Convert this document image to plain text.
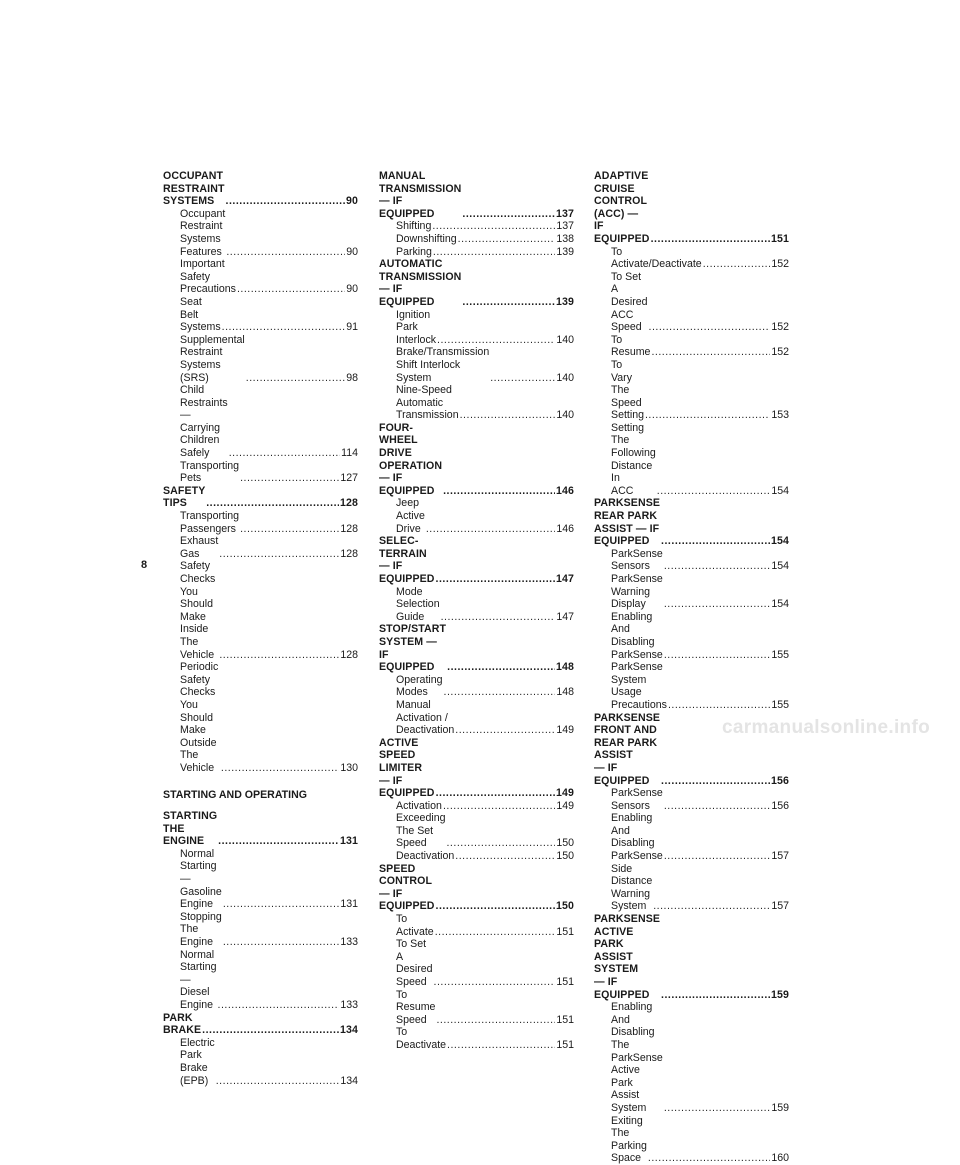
OCCUPANT RESTRAINT SYSTEMS .....	90
Occupant Restraint Systems
Features .....	90
Important Safety Precautions .....	90
Seat Belt Systems .....	91
Supplemental Restraint Systems
(SRS) .....	98
Child Restraints — Carrying Children
Safely .....	114
Transporting Pets .....	127
SAFETY TIPS .....	128
Transporting Passengers .....	128
Exhaust Gas .....	128
Safety Checks You Should Make Inside
The Vehicle .....	128
Periodic Safety Checks You Should Make
Outside The Vehicle .....	130
STARTING AND OPERATING
STARTING THE ENGINE .....	131
Normal Starting — Gasoline
Engine .....	131
Stopping The Engine .....	133
Normal Starting — Diesel Engine .....	133
PARK BRAKE .....	134
Electric Park Brake (EPB) .....	134
MANUAL TRANSMISSION — IF
EQUIPPED .....	137
Shifting .....	137
Downshifting .....	138
Parking .....	139
AUTOMATIC TRANSMISSION — IF
EQUIPPED .....	139
Ignition Park Interlock .....	140
Brake/Transmission Shift Interlock
System .....	140
Nine-Speed Automatic
Transmission .....	140
FOUR-WHEEL DRIVE OPERATION — IF
EQUIPPED .....	146
Jeep Active Drive .....	146
SELEC-TERRAIN — IF EQUIPPED .....	147
Mode Selection Guide .....	147
STOP/START SYSTEM — IF EQUIPPED .....	148
Operating Modes .....	148
Manual Activation / Deactivation .....	149
ACTIVE SPEED LIMITER — IF
EQUIPPED .....	149
Activation .....	149
Exceeding The Set Speed .....	150
Deactivation .....	150
SPEED CONTROL — IF EQUIPPED .....	150
To Activate .....	151
To Set A Desired Speed .....	151
To Resume Speed .....	151
To Deactivate .....	151
ADAPTIVE CRUISE CONTROL (ACC) — IF
EQUIPPED .....	151
To Activate/Deactivate .....	152
To Set A Desired ACC Speed .....	152
To Resume .....	152
To Vary The Speed Setting .....	153
Setting The Following Distance In
ACC .....	154
PARKSENSE REAR PARK ASSIST — IF
EQUIPPED .....	154
ParkSense Sensors .....	154
ParkSense Warning Display .....	154
Enabling And Disabling
ParkSense .....	155
ParkSense System Usage
Precautions .....	155
PARKSENSE FRONT AND REAR PARK ASSIST
— IF EQUIPPED .....	156
ParkSense Sensors .....	156
Enabling And Disabling
ParkSense .....	157
Side Distance Warning System .....	157
PARKSENSE ACTIVE PARK ASSIST SYSTEM
— IF EQUIPPED .....	159
Enabling And Disabling The ParkSense
Active Park Assist System .....	159
Exiting The Parking Space .....	160
8
carmanualsonline.info
